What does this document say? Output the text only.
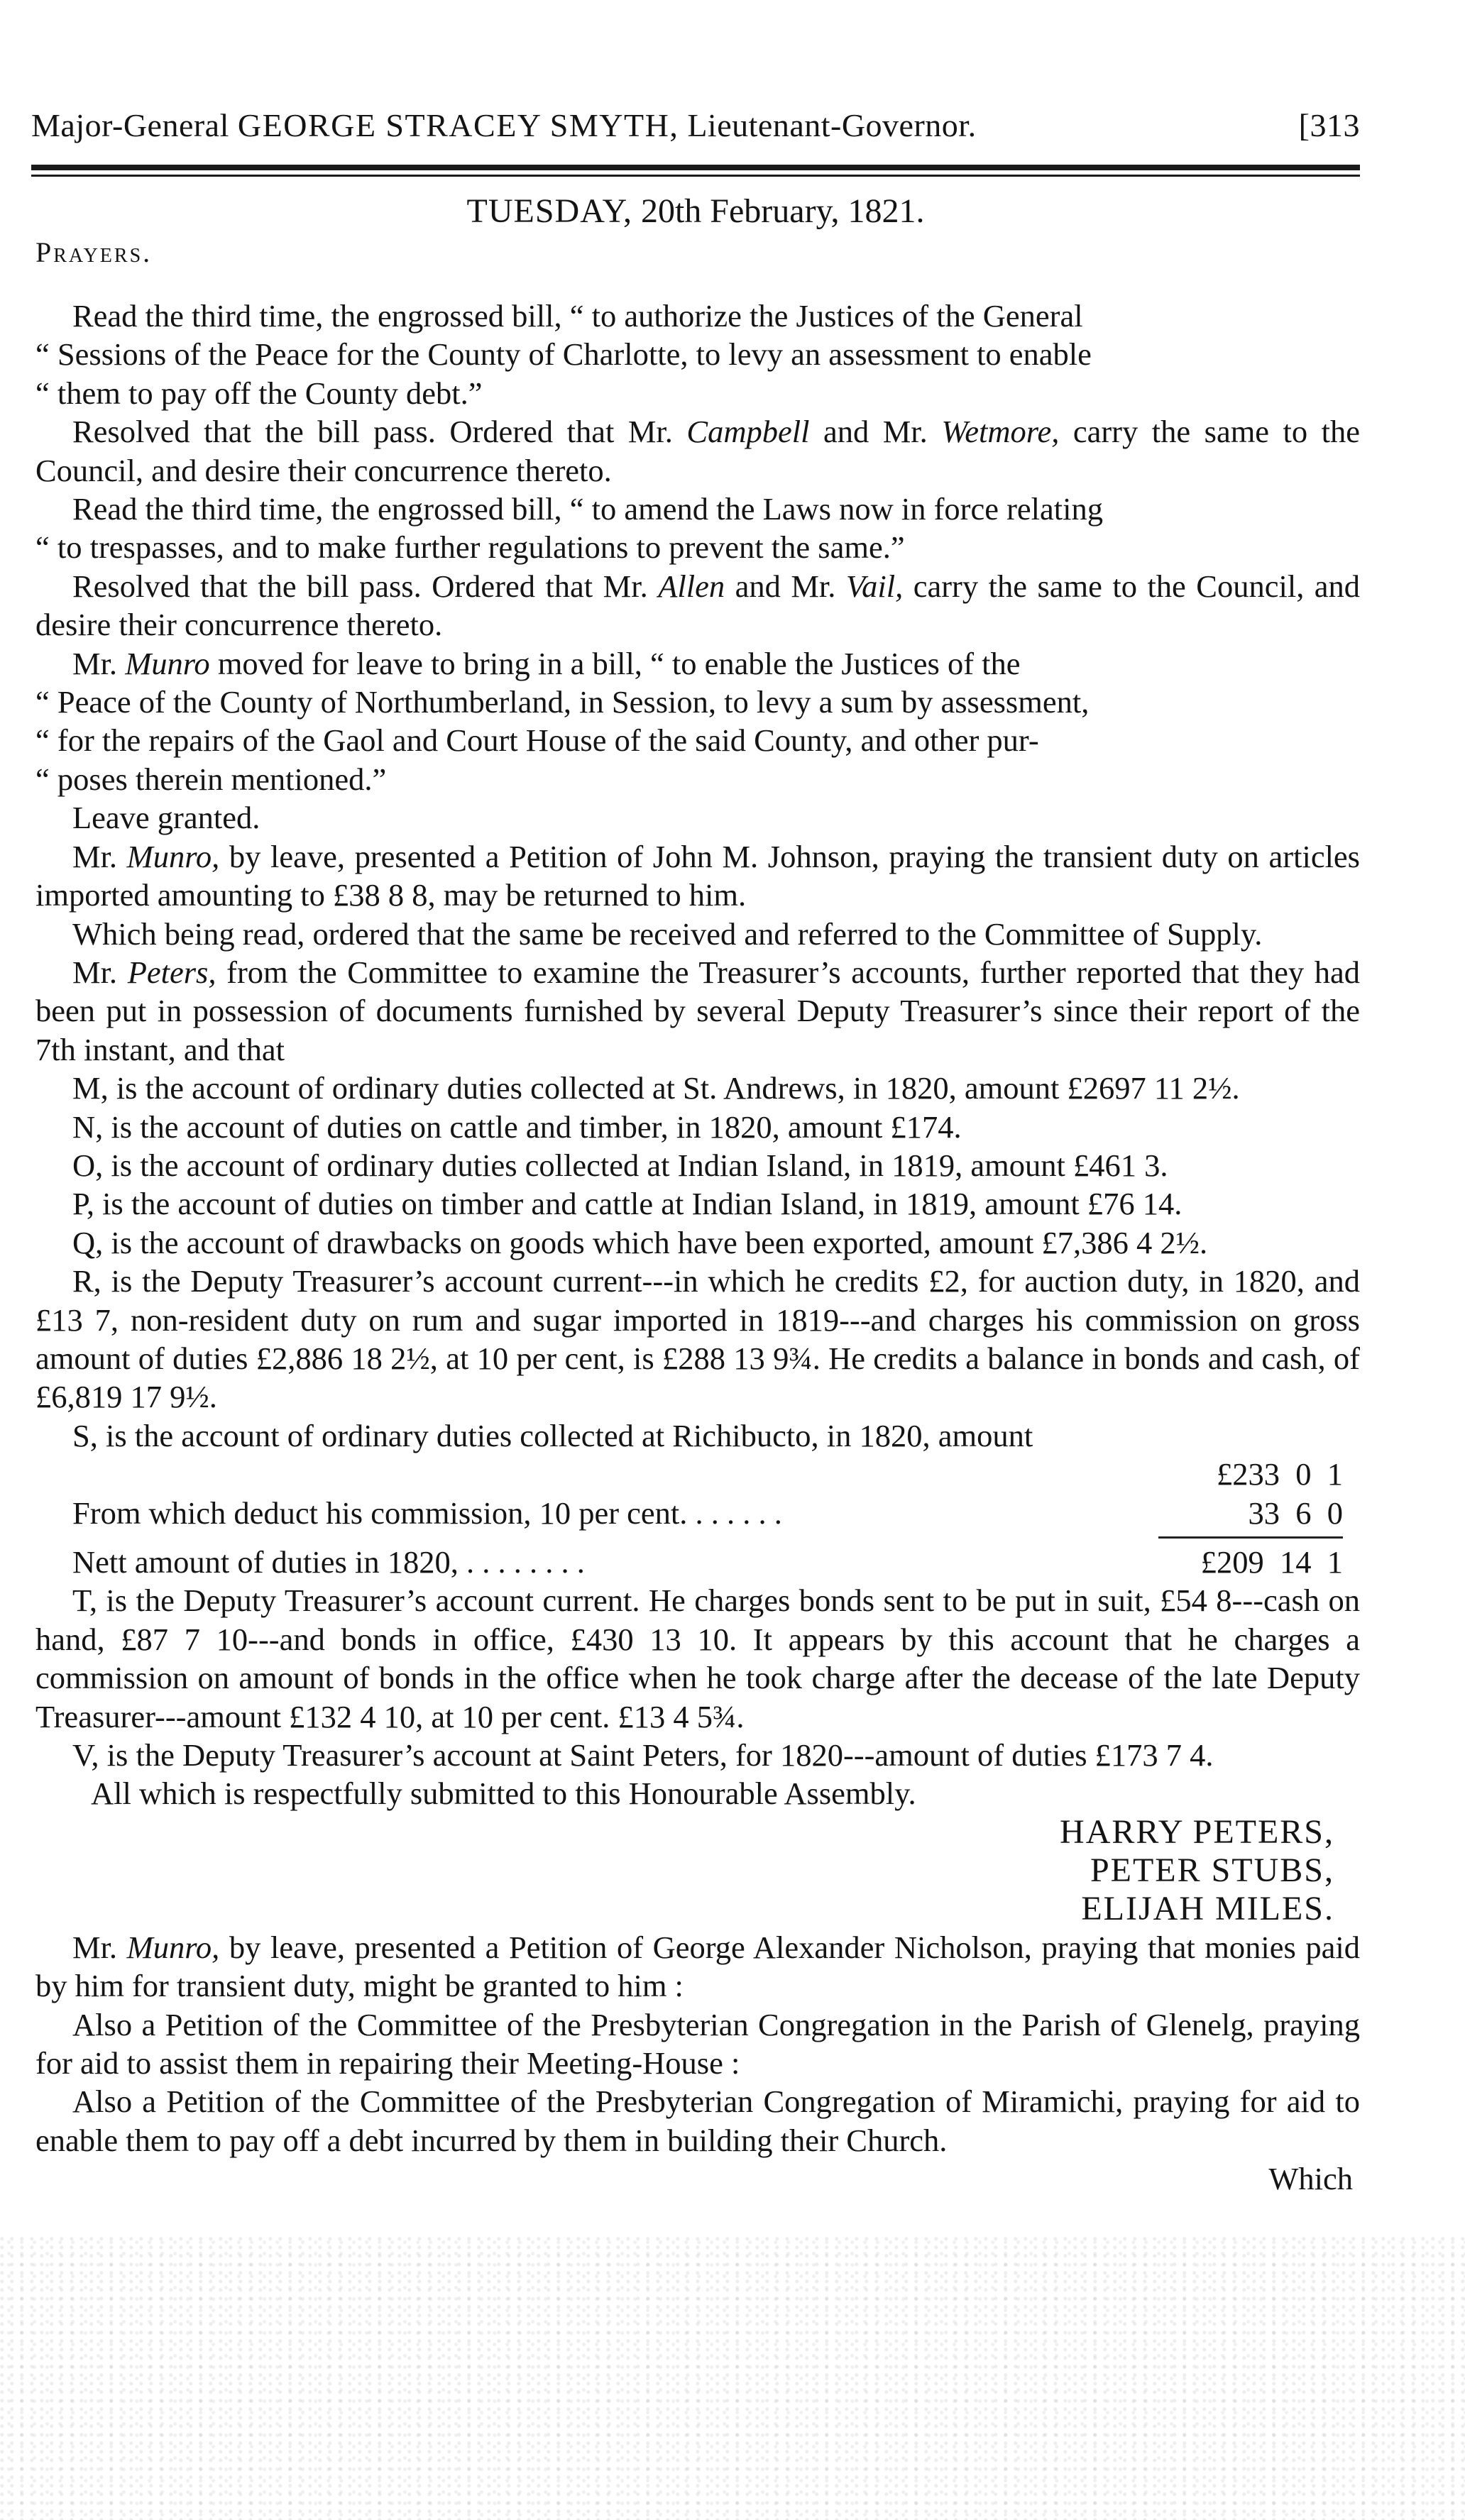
Major-General GEORGE STRACEY SMYTH, Lieutenant-Governor.	[313
TUESDAY, 20th February, 1821.
Prayers.

Read the third time, the engrossed bill, “ to authorize the Justices of the General
“ Sessions of the Peace for the County of Charlotte, to levy an assessment to enable
“ them to pay off the County debt.”

Resolved that the bill pass. Ordered that Mr. Campbell and Mr. Wetmore, carry the same to the Council, and desire their concurrence thereto.

Read the third time, the engrossed bill, “ to amend the Laws now in force relating
“ to trespasses, and to make further regulations to prevent the same.”

Resolved that the bill pass. Ordered that Mr. Allen and Mr. Vail, carry the same to the Council, and desire their concurrence thereto.

Mr. Munro moved for leave to bring in a bill, “ to enable the Justices of the
“ Peace of the County of Northumberland, in Session, to levy a sum by assessment,
“ for the repairs of the Gaol and Court House of the said County, and other pur-
“ poses therein mentioned.”

Leave granted.

Mr. Munro, by leave, presented a Petition of John M. Johnson, praying the transient duty on articles imported amounting to £38 8 8, may be returned to him.

Which being read, ordered that the same be received and referred to the Committee of Supply.

Mr. Peters, from the Committee to examine the Treasurer’s accounts, further reported that they had been put in possession of documents furnished by several Deputy Treasurer’s since their report of the 7th instant, and that

M, is the account of ordinary duties collected at St. Andrews, in 1820, amount £2697 11 2½.

N, is the account of duties on cattle and timber, in 1820, amount £174.

O, is the account of ordinary duties collected at Indian Island, in 1819, amount £461 3.

P, is the account of duties on timber and cattle at Indian Island, in 1819, amount £76 14.

Q, is the account of drawbacks on goods which have been exported, amount £7,386 4 2½.

R, is the Deputy Treasurer’s account current---in which he credits £2, for auction duty, in 1820, and £13 7, non-resident duty on rum and sugar imported in 1819---and charges his commission on gross amount of duties £2,886 18 2½, at 10 per cent, is £288 13 9¾. He credits a balance in bonds and cash, of £6,819 17 9½.

S, is the account of ordinary duties collected at Richibucto, in 1820, amount

£233  0  1
From which deduct his commission, 10 per cent. . . . . . .	33  6  0
Nett amount of duties in 1820, . . . . . . . .	£209  14  1

T, is the Deputy Treasurer’s account current. He charges bonds sent to be put in suit, £54 8---cash on hand, £87 7 10---and bonds in office, £430 13 10. It appears by this account that he charges a commission on amount of bonds in the office when he took charge after the decease of the late Deputy Treasurer---amount £132 4 10, at 10 per cent. £13 4 5¾.

V, is the Deputy Treasurer’s account at Saint Peters, for 1820---amount of duties £173 7 4.

All which is respectfully submitted to this Honourable Assembly.

HARRY PETERS,
PETER STUBS,
ELIJAH MILES.

Mr. Munro, by leave, presented a Petition of George Alexander Nicholson, praying that monies paid by him for transient duty, might be granted to him :

Also a Petition of the Committee of the Presbyterian Congregation in the Parish of Glenelg, praying for aid to assist them in repairing their Meeting-House :

Also a Petition of the Committee of the Presbyterian Congregation of Miramichi, praying for aid to enable them to pay off a debt incurred by them in building their Church.

Which
